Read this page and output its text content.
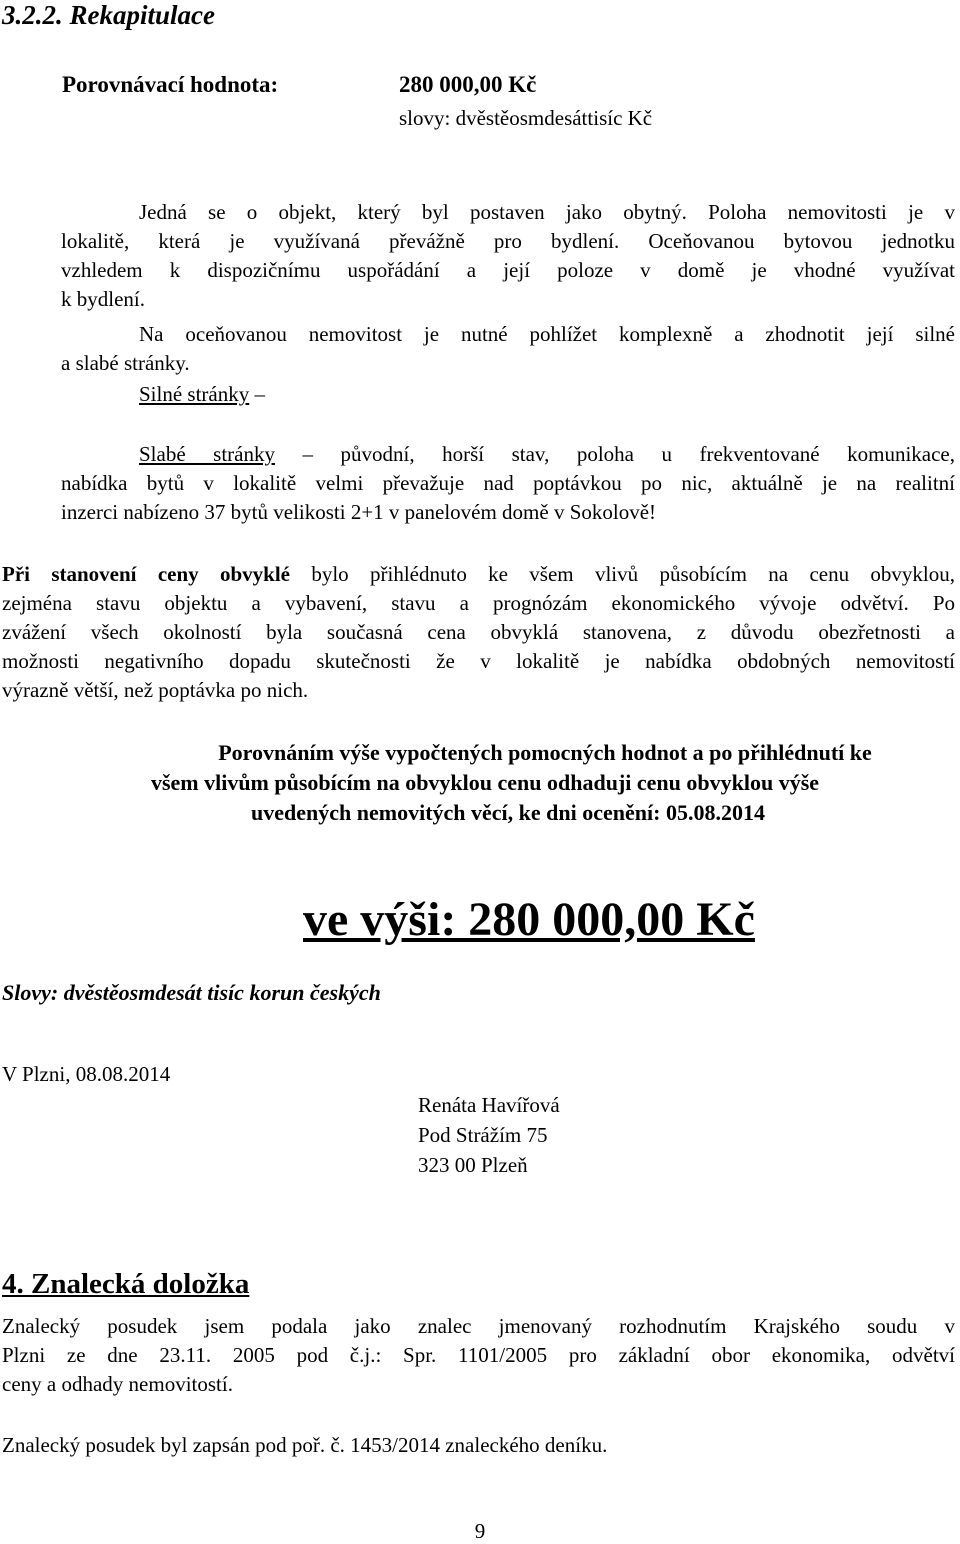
3.2.2. Rekapitulace
Porovnávací hodnota:	280 000,00 Kč
slovy: dvěstěosmdesáttisíc Kč
Jedná se o objekt, který byl postaven jako obytný. Poloha nemovitosti je v
lokalitě, která je využívaná převážně pro bydlení. Oceňovanou bytovou jednotku
vzhledem k dispozičnímu uspořádání a její poloze v domě je vhodné využívat
k bydlení.
Na oceňovanou nemovitost je nutné pohlížet komplexně a zhodnotit její silné
a slabé stránky.
Silné stránky –
Slabé stránky – původní, horší stav, poloha u frekventované komunikace,
nabídka bytů v lokalitě velmi převažuje nad poptávkou po nic, aktuálně je na realitní
inzerci nabízeno 37 bytů velikosti 2+1 v panelovém domě v Sokolově!
Při stanovení ceny obvyklé bylo přihlédnuto ke všem vlivů působícím na cenu obvyklou,
zejména stavu objektu a vybavení, stavu a prognózám ekonomického vývoje odvětví. Po
zvážení všech okolností byla současná cena obvyklá stanovena, z důvodu obezřetnosti a
možnosti negativního dopadu skutečnosti že v lokalitě je nabídka obdobných nemovitostí
výrazně větší, než poptávka po nich.
Porovnáním výše vypočtených pomocných hodnot a po přihlédnutí ke
všem vlivům působícím na obvyklou cenu odhaduji cenu obvyklou výše
uvedených nemovitých věcí, ke dni ocenění: 05.08.2014
ve výši: 280 000,00 Kč
Slovy: dvěstěosmdesát tisíc korun českých
V Plzni, 08.08.2014
Renáta Havířová
Pod Strážím 75
323 00 Plzeň
4. Znalecká doložka
Znalecký posudek jsem podala jako znalec jmenovaný rozhodnutím Krajského soudu v
Plzni ze dne 23.11. 2005 pod č.j.: Spr. 1101/2005 pro základní obor ekonomika, odvětví
ceny a odhady nemovitostí.
Znalecký posudek byl zapsán pod poř. č. 1453/2014 znaleckého deníku.
9
